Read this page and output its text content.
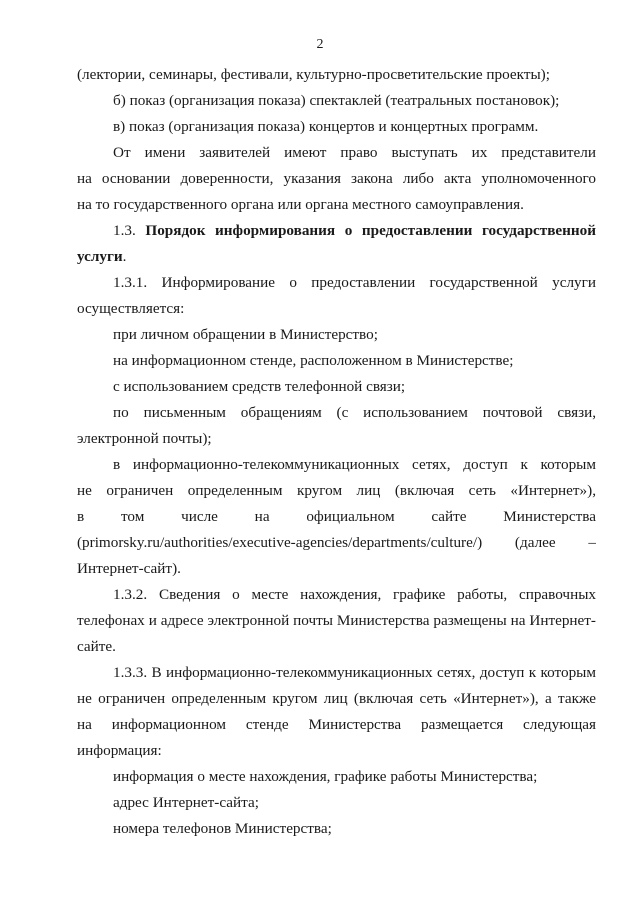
2
(лектории, семинары, фестивали, культурно-просветительские проекты);
б) показ (организация показа) спектаклей (театральных постановок);
в) показ (организация показа) концертов и концертных программ.
От имени заявителей имеют право выступать их представители
на основании доверенности, указания закона либо акта уполномоченного
на то государственного органа или органа местного самоуправления.
1.3. Порядок информирования о предоставлении государственной
услуги.
1.3.1. Информирование о предоставлении государственной услуги
осуществляется:
при личном обращении в Министерство;
на информационном стенде, расположенном в Министерстве;
с использованием средств телефонной связи;
по письменным обращениям (с использованием почтовой связи,
электронной почты);
в информационно-телекоммуникационных сетях, доступ к которым
не ограничен определенным кругом лиц (включая сеть «Интернет»),
в том числе на официальном сайте Министерства
(primorsky.ru/authorities/executive-agencies/departments/culture/) (далее –
Интернет-сайт).
1.3.2. Сведения о месте нахождения, графике работы, справочных
телефонах и адресе электронной почты Министерства размещены на Интернет-
сайте.
1.3.3. В информационно-телекоммуникационных сетях, доступ к которым
не ограничен определенным кругом лиц (включая сеть «Интернет»), а также
на информационном стенде Министерства размещается следующая
информация:
информация о месте нахождения, графике работы Министерства;
адрес Интернет-сайта;
номера телефонов Министерства;
